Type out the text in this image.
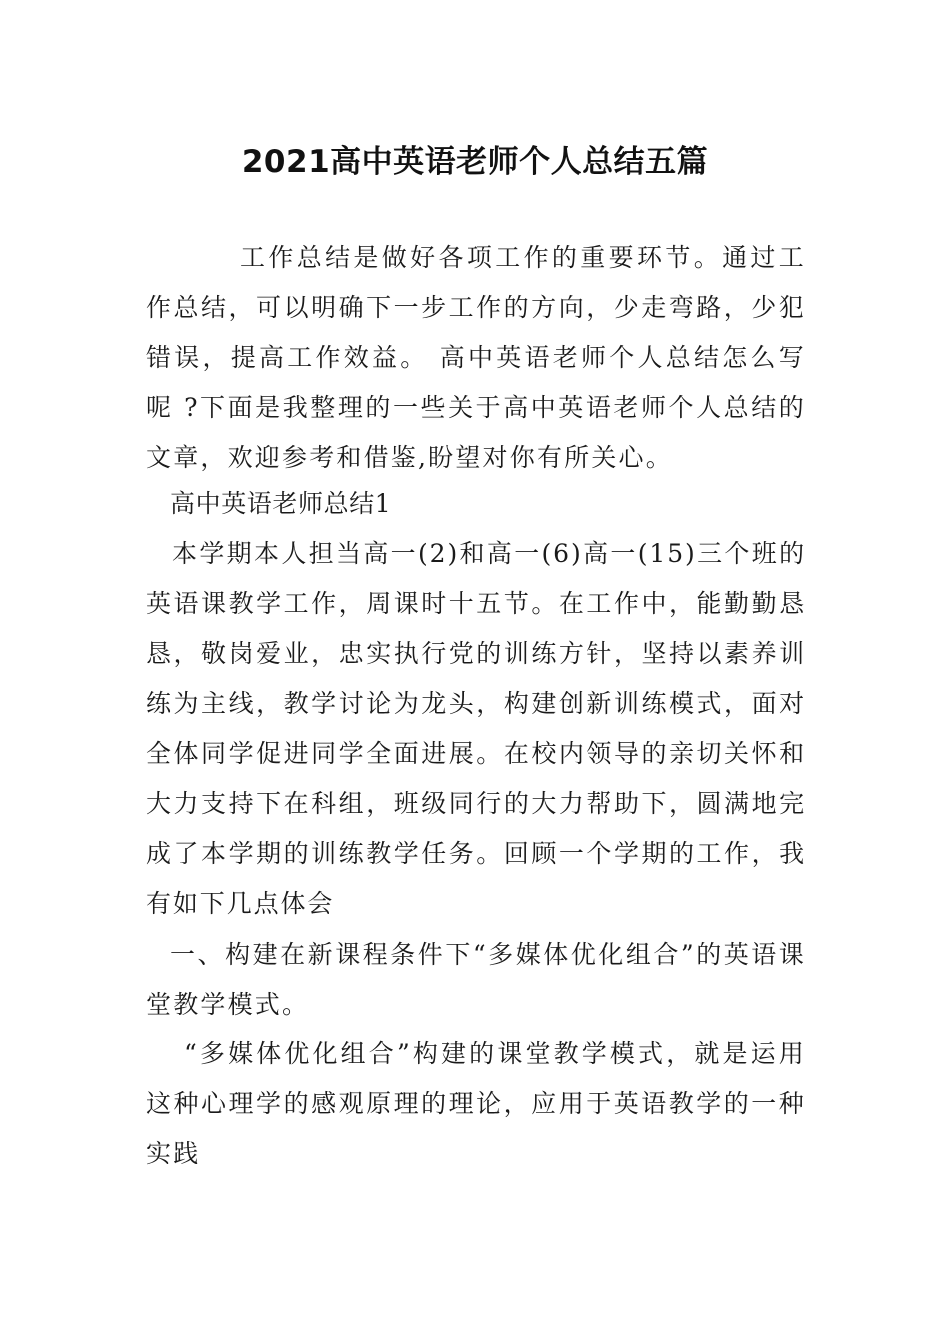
2021高中英语老师个人总结五篇

工作总结是做好各项工作的重要环节。通过工作总结，可以明确下一步工作的方向，少走弯路，少犯错误，提高工作效益。 高中英语老师个人总结怎么写呢 ?下面是我整理的一些关于高中英语老师个人总结的文章，欢迎参考和借鉴,盼望对你有所关心。

高中英语老师总结1

本学期本人担当高一(2)和高一(6)高一(15)三个班的英语课教学工作，周课时十五节。在工作中，能勤勤恳恳，敬岗爱业，忠实执行党的训练方针，坚持以素养训练为主线，教学讨论为龙头，构建创新训练模式，面对全体同学促进同学全面进展。在校内领导的亲切关怀和大力支持下在科组，班级同行的大力帮助下，圆满地完成了本学期的训练教学任务。回顾一个学期的工作，我有如下几点体会

一、构建在新课程条件下“多媒体优化组合”的英语课堂教学模式。

“多媒体优化组合”构建的课堂教学模式，就是运用这种心理学的感观原理的理论，应用于英语教学的一种实践
